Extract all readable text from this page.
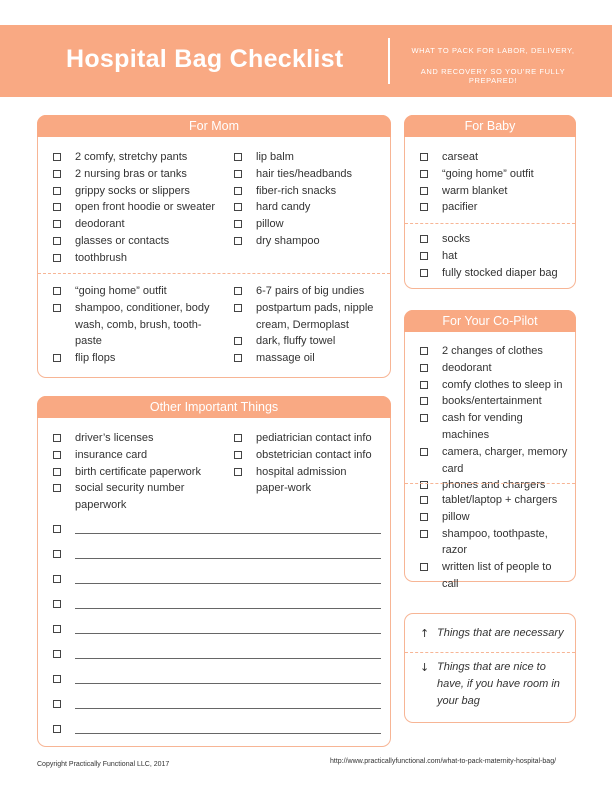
Hospital Bag Checklist	WHAT TO PACK FOR LABOR, DELIVERY,
AND RECOVERY SO YOU'RE FULLY PREPARED!
For Mom
2 comfy, stretchy pants
2 nursing bras or tanks
grippy socks or slippers
open front hoodie or sweater
deodorant
glasses or contacts
toothbrush
lip balm
hair ties/headbands
fiber-rich snacks
hard candy
pillow
dry shampoo
“going home” outfit
shampoo, conditioner, body wash, comb, brush, tooth-paste
flip flops
6-7 pairs of big undies
postpartum pads, nipple cream, Dermoplast
dark, fluffy towel
massage oil
For Baby
carseat
“going home” outfit
warm blanket
pacifier
socks
hat
fully stocked diaper bag
For Your Co-Pilot
2 changes of clothes
deodorant
comfy clothes to sleep in
books/entertainment
cash for vending machines
camera, charger, memory card
phones and chargers
tablet/laptop + chargers
pillow
shampoo, toothpaste, razor
written list of people to call
Other Important Things
driver’s licenses
insurance card
birth certificate paperwork
social security number paperwork
pediatrician contact info
obstetrician contact info
hospital admission paper-work
↑ Things that are necessary
↓ Things that are nice to have, if you have room in your bag
Copyright Practically Functional LLC, 2017	http://www.practicallyfunctional.com/what-to-pack-maternity-hospital-bag/
